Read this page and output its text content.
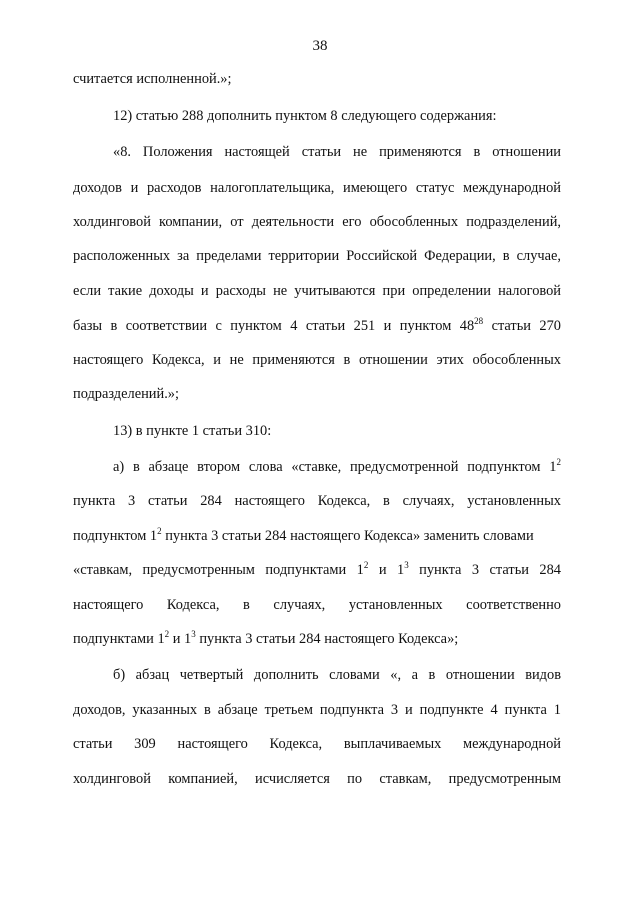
38
считается исполненной.»;
12) статью 288 дополнить пунктом 8 следующего содержания:
«8. Положения настоящей статьи не применяются в отношении
доходов и расходов налогоплательщика, имеющего статус международной
холдинговой компании, от деятельности его обособленных подразделений,
расположенных за пределами территории Российской Федерации, в случае,
если такие доходы и расходы не учитываются при определении налоговой
базы в соответствии с пунктом 4 статьи 251 и пунктом $48^{28}$ статьи 270
настоящего Кодекса, и не применяются в отношении этих обособленных
подразделений.»;
13) в пункте 1 статьи 310:
а) в абзаце втором слова «ставке, предусмотренной подпунктом $1^2$
пункта 3 статьи 284 настоящего Кодекса, в случаях, установленных
подпунктом $1^2$ пункта 3 статьи 284 настоящего Кодекса» заменить словами
«ставкам, предусмотренным подпунктами $1^2$ и $1^3$ пункта 3 статьи 284
настоящего Кодекса, в случаях, установленных соответственно
подпунктами $1^2$ и $1^3$ пункта 3 статьи 284 настоящего Кодекса»;
б) абзац четвертый дополнить словами «, а в отношении видов
доходов, указанных в абзаце третьем подпункта 3 и подпункте 4 пункта 1
статьи 309 настоящего Кодекса, выплачиваемых международной
холдинговой компанией, исчисляется по ставкам, предусмотренным
